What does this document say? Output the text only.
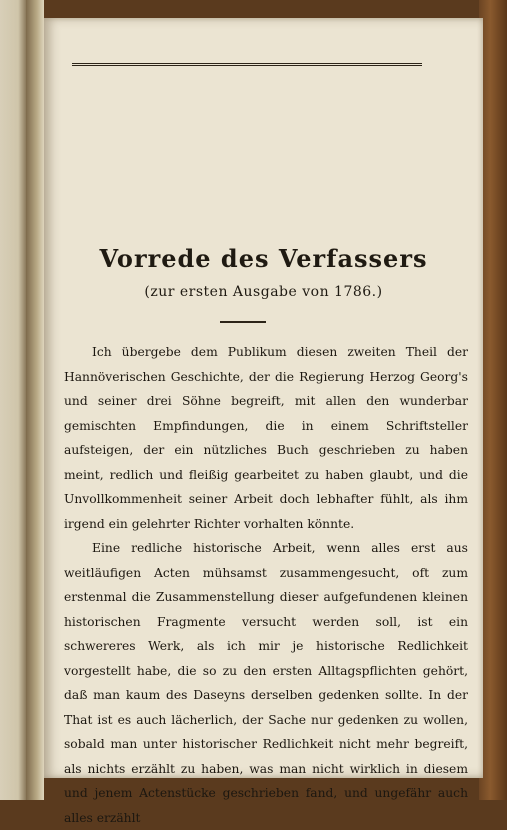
Vorrede des Verfassers
(zur ersten Ausgabe von 1786.)

Ich übergebe dem Publikum diesen zweiten Theil der Hannöverischen Geschichte, der die Regierung Herzog Georg's und seiner drei Söhne begreift, mit allen den wunderbar gemischten Empfindungen, die in einem Schriftsteller aufsteigen, der ein nützliches Buch geschrieben zu haben meint, redlich und fleißig gearbeitet zu haben glaubt, und die Unvollkommenheit seiner Arbeit doch lebhafter fühlt, als ihm irgend ein gelehrter Richter vorhalten könnte.

Eine redliche historische Arbeit, wenn alles erst aus weitläufigen Acten mühsamst zusammengesucht, oft zum erstenmal die Zusammenstellung dieser aufgefundenen kleinen historischen Fragmente versucht werden soll, ist ein schwereres Werk, als ich mir je historische Redlichkeit vorgestellt habe, die so zu den ersten Alltagspflichten gehört, daß man kaum des Daseyns derselben gedenken sollte. In der That ist es auch lächerlich, der Sache nur gedenken zu wollen, sobald man unter historischer Redlichkeit nicht mehr begreift, als nichts erzählt zu haben, was man nicht wirklich in diesem und jenem Actenstücke geschrieben fand, und ungefähr auch alles erzählt
